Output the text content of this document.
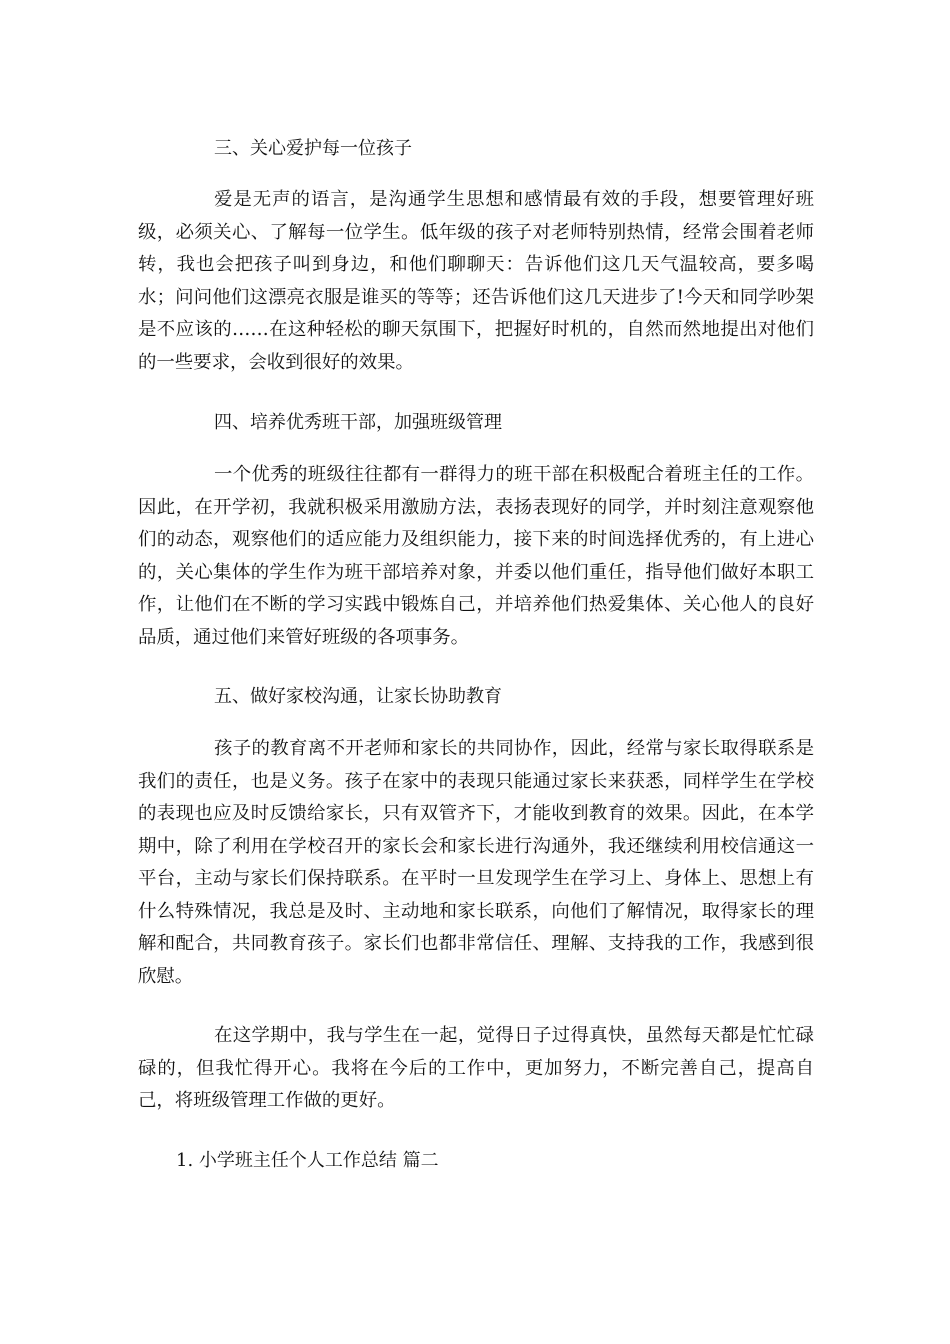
三、关心爱护每一位孩子

爱是无声的语言，是沟通学生思想和感情最有效的手段，想要管理好班级，必须关心、了解每一位学生。低年级的孩子对老师特别热情，经常会围着老师转，我也会把孩子叫到身边，和他们聊聊天：告诉他们这几天气温较高，要多喝水；问问他们这漂亮衣服是谁买的等等；还告诉他们这几天进步了!今天和同学吵架是不应该的……在这种轻松的聊天氛围下，把握好时机的，自然而然地提出对他们的一些要求，会收到很好的效果。

四、培养优秀班干部，加强班级管理

一个优秀的班级往往都有一群得力的班干部在积极配合着班主任的工作。因此，在开学初，我就积极采用激励方法，表扬表现好的同学，并时刻注意观察他们的动态，观察他们的适应能力及组织能力，接下来的时间选择优秀的，有上进心的，关心集体的学生作为班干部培养对象，并委以他们重任，指导他们做好本职工作，让他们在不断的学习实践中锻炼自己，并培养他们热爱集体、关心他人的良好品质，通过他们来管好班级的各项事务。

五、做好家校沟通，让家长协助教育

孩子的教育离不开老师和家长的共同协作，因此，经常与家长取得联系是我们的责任，也是义务。孩子在家中的表现只能通过家长来获悉，同样学生在学校的表现也应及时反馈给家长，只有双管齐下，才能收到教育的效果。因此，在本学期中，除了利用在学校召开的家长会和家长进行沟通外，我还继续利用校信通这一平台，主动与家长们保持联系。在平时一旦发现学生在学习上、身体上、思想上有什么特殊情况，我总是及时、主动地和家长联系，向他们了解情况，取得家长的理解和配合，共同教育孩子。家长们也都非常信任、理解、支持我的工作，我感到很欣慰。

在这学期中，我与学生在一起，觉得日子过得真快，虽然每天都是忙忙碌碌的，但我忙得开心。我将在今后的工作中，更加努力，不断完善自己，提高自己，将班级管理工作做的更好。

1. 小学班主任个人工作总结 篇二
